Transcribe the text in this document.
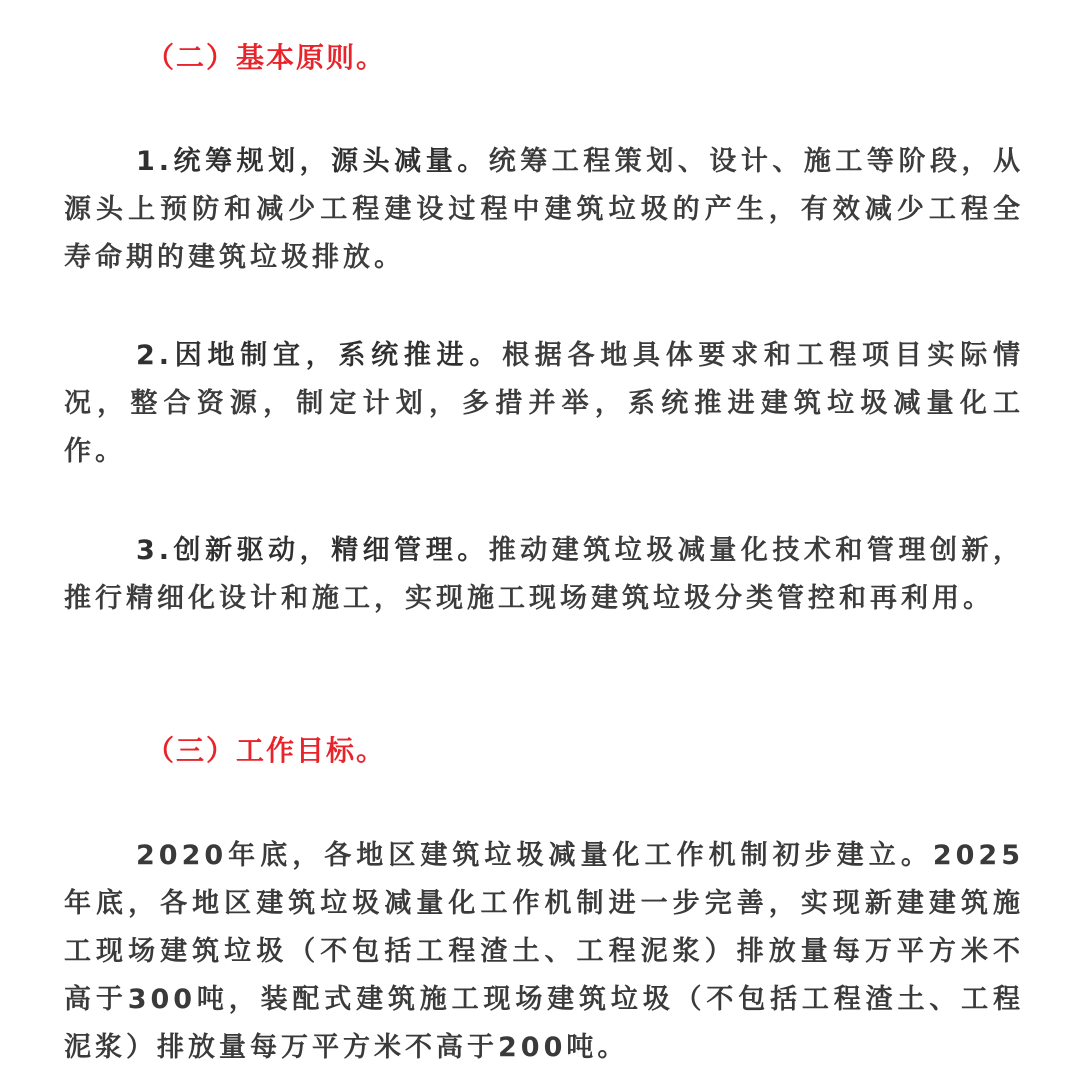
（二）基本原则。

1.统筹规划，源头减量。统筹工程策划、设计、施工等阶段，从源头上预防和减少工程建设过程中建筑垃圾的产生，有效减少工程全寿命期的建筑垃圾排放。

2.因地制宜，系统推进。根据各地具体要求和工程项目实际情况，整合资源，制定计划，多措并举，系统推进建筑垃圾减量化工作。

3.创新驱动，精细管理。推动建筑垃圾减量化技术和管理创新，推行精细化设计和施工，实现施工现场建筑垃圾分类管控和再利用。

（三）工作目标。

2020年底，各地区建筑垃圾减量化工作机制初步建立。2025年底，各地区建筑垃圾减量化工作机制进一步完善，实现新建建筑施工现场建筑垃圾（不包括工程渣土、工程泥浆）排放量每万平方米不高于300吨，装配式建筑施工现场建筑垃圾（不包括工程渣土、工程泥浆）排放量每万平方米不高于200吨。
